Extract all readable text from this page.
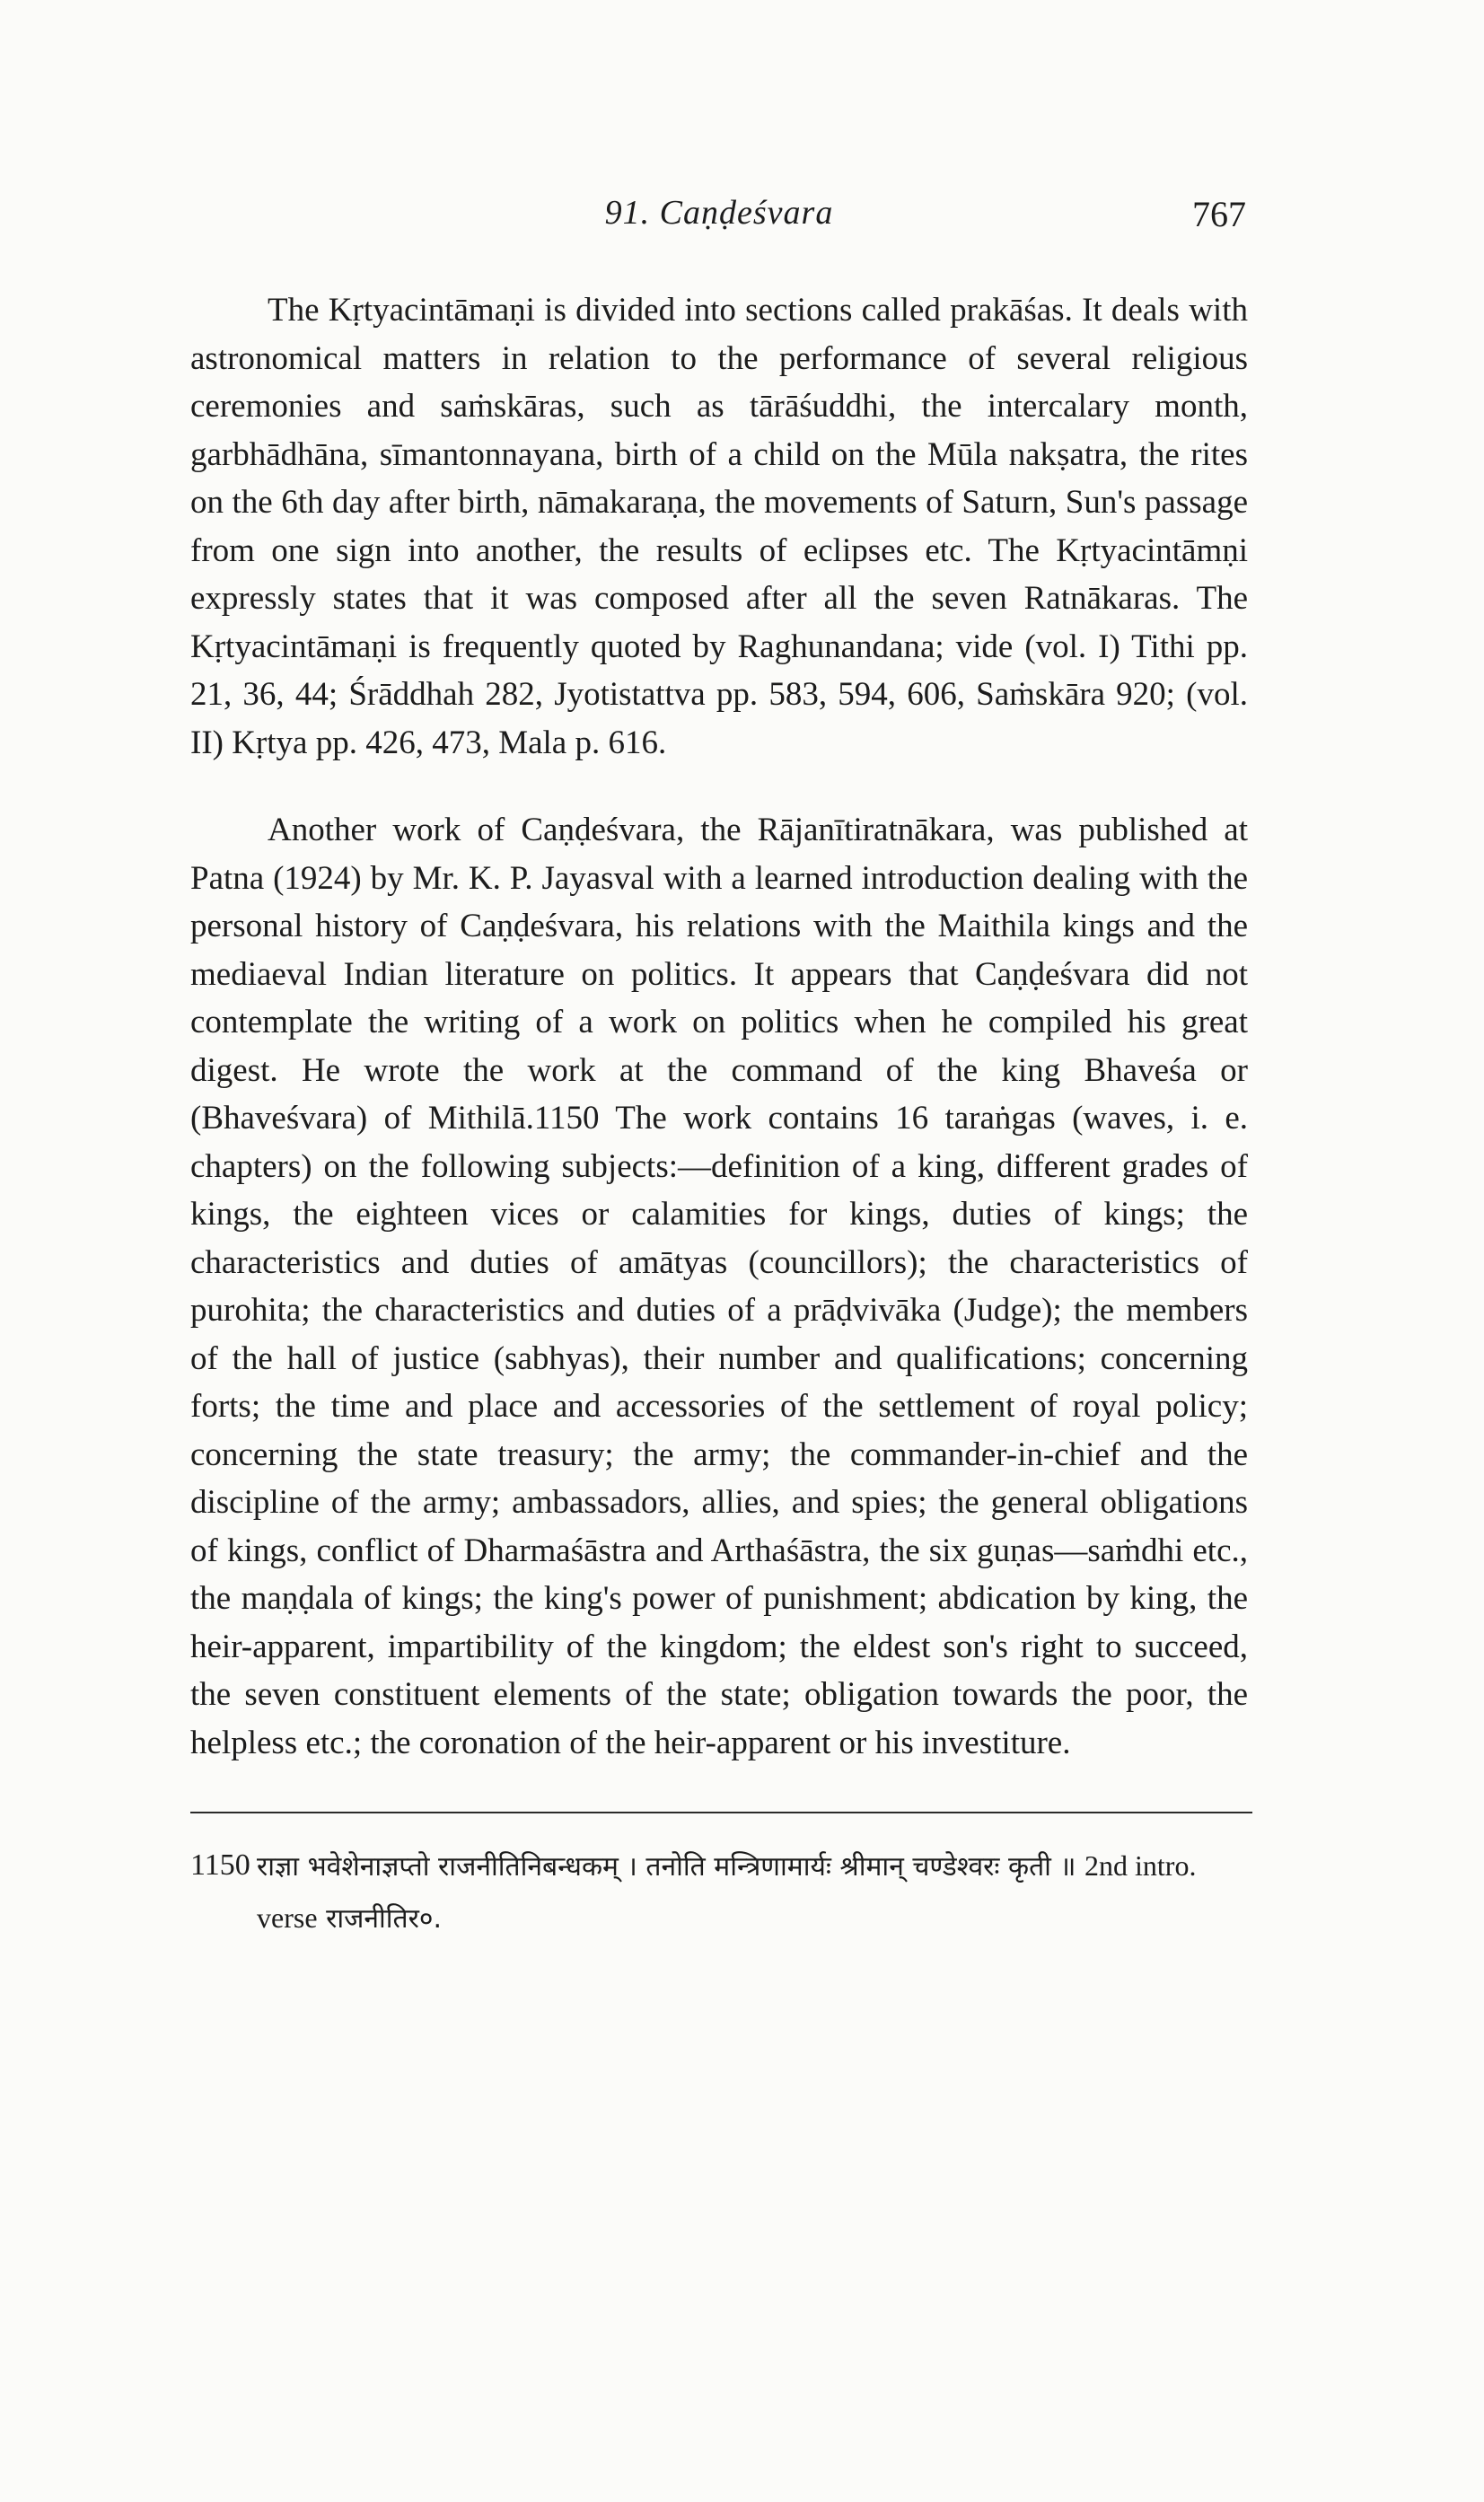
91. Caṇḍeśvara	767

The Kṛtyacintāmaṇi is divided into sections called prakāśas. It deals with astronomical matters in relation to the performance of several religious ceremonies and saṁskāras, such as tārāśuddhi, the intercalary month, garbhādhāna, sīmantonnayana, birth of a child on the Mūla nakṣatra, the rites on the 6th day after birth, nāmakaraṇa, the movements of Saturn, Sun's passage from one sign into another, the results of eclipses etc. The Kṛtyacintāmṇi expressly states that it was composed after all the seven Ratnākaras. The Kṛtyacintāmaṇi is frequently quoted by Raghunandana; vide (vol. I) Tithi pp. 21, 36, 44; Śrāddhah 282, Jyotistattva pp. 583, 594, 606, Saṁskāra 920; (vol. II) Kṛtya pp. 426, 473, Mala p. 616.

Another work of Caṇḍeśvara, the Rājanītiratnākara, was published at Patna (1924) by Mr. K. P. Jayasval with a learned introduction dealing with the personal history of Caṇḍeśvara, his relations with the Maithila kings and the mediaeval Indian literature on politics. It appears that Caṇḍeśvara did not contemplate the writing of a work on politics when he compiled his great digest. He wrote the work at the command of the king Bhaveśa or (Bhaveśvara) of Mithilā.1150 The work contains 16 taraṅgas (waves, i. e. chapters) on the following subjects:—definition of a king, different grades of kings, the eighteen vices or calamities for kings, duties of kings; the characteristics and duties of amātyas (councillors); the characteristics of purohita; the characteristics and duties of a prāḍvivāka (Judge); the members of the hall of justice (sabhyas), their number and qualifications; concerning forts; the time and place and accessories of the settlement of royal policy; concerning the state treasury; the army; the commander-in-chief and the discipline of the army; ambassadors, allies, and spies; the general obligations of kings, conflict of Dharmaśāstra and Arthaśāstra, the six guṇas—saṁdhi etc., the maṇḍala of kings; the king's power of punishment; abdication by king, the heir-apparent, impartibility of the kingdom; the eldest son's right to succeed, the seven constituent elements of the state; obligation towards the poor, the helpless etc.; the coronation of the heir-apparent or his investiture.

1150 राज्ञा भवेशेनाज्ञप्तो राजनीतिनिबन्धकम् । तनोति मन्त्रिणामार्यः श्रीमान् चण्डेश्वरः कृती ॥ 2nd intro. verse राजनीतिर०.
